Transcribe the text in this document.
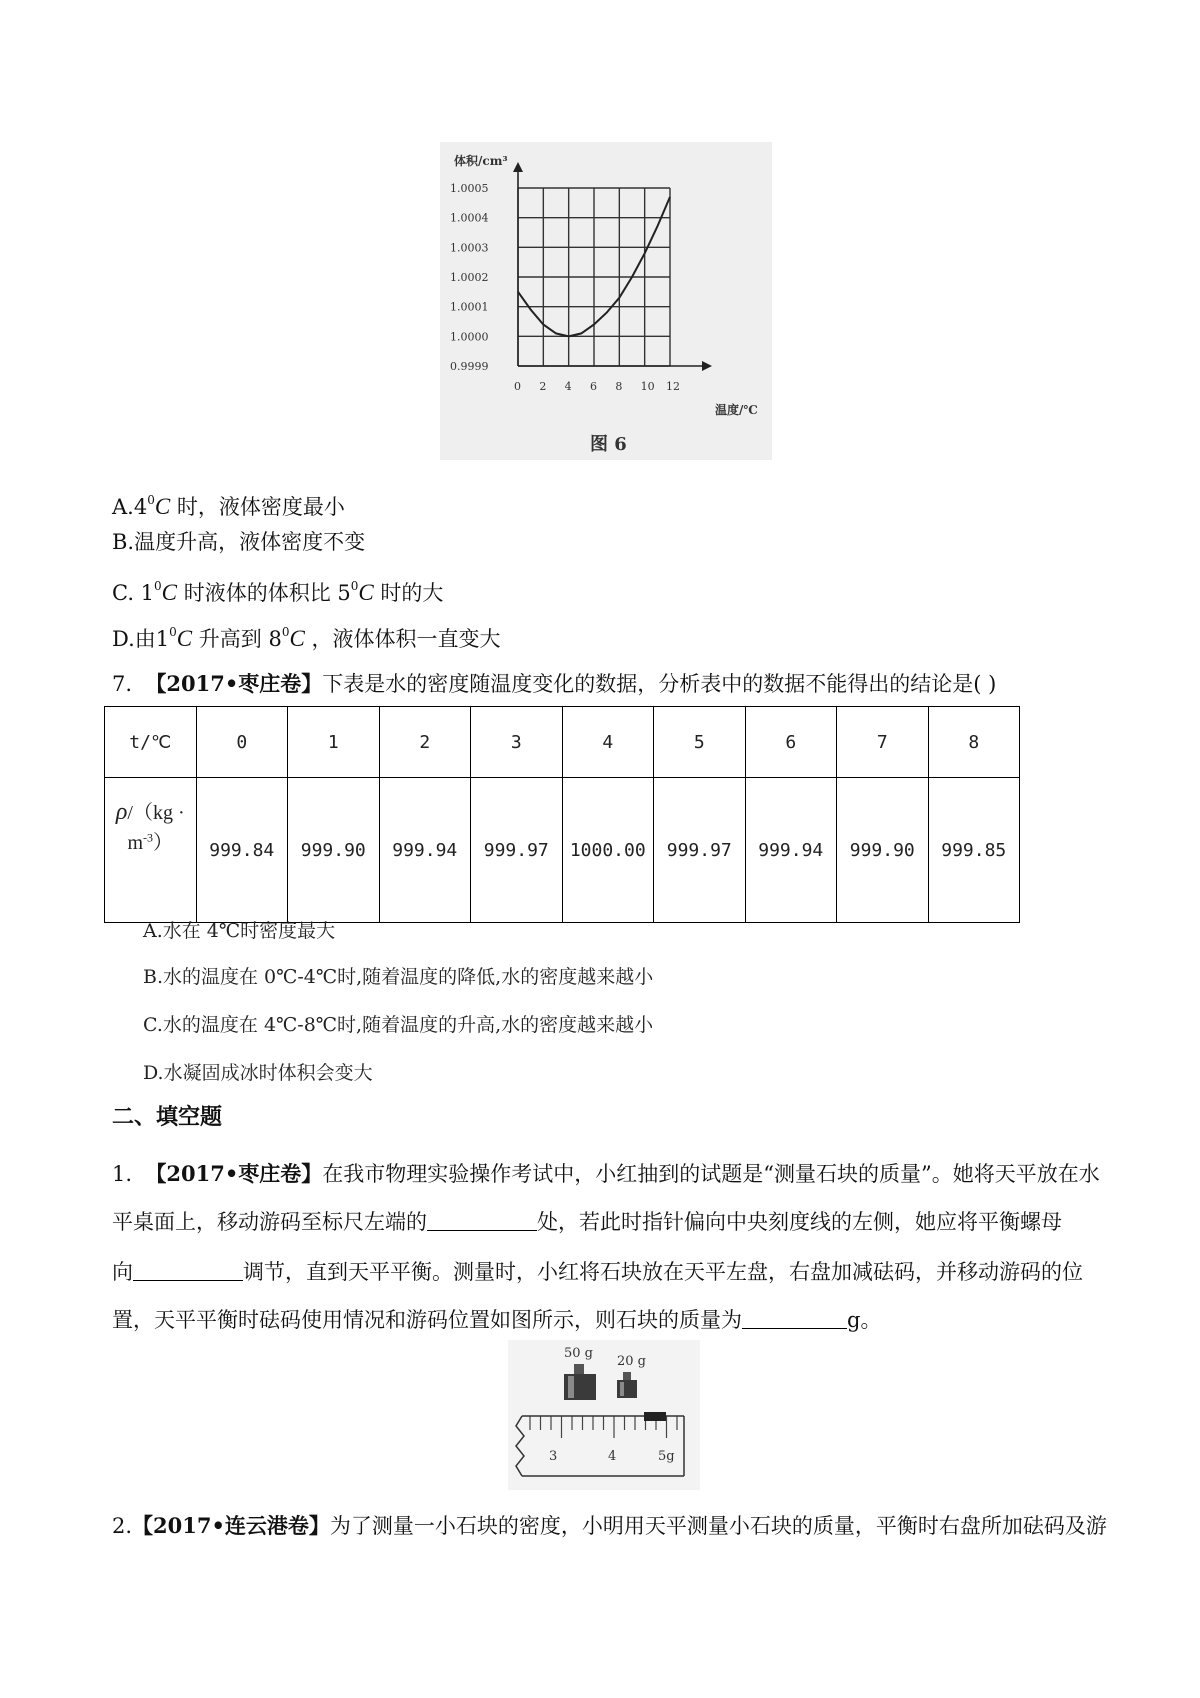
1.0005
1.0004
1.0003
1.0002
1.0001
1.0000
0.9999
0 2 4 6 8 10 12
体积/cm³
温度/℃
图 6
$A.4^0C$ 时，液体密度最小
B.温度升高，液体密度不变
C. $1^0C$ 时液体的体积比 $5^0C$ 时的大
D.由$1^0C$ 升高到 $8^0C$ ，液体体积一直变大
7. 【2017•枣庄卷】下表是水的密度随温度变化的数据，分析表中的数据不能得出的结论是( )
t/℃	0	1	2	3	4	5	6	7	8
$\rho/(kg \cdot m^{-3})$	999.84	999.90	999.94	999.97	1000.00	999.97	999.94	999.90	999.85
A.水在 4℃时密度最大
B.水的温度在 0℃-4℃时,随着温度的降低,水的密度越来越小
C.水的温度在 4℃-8℃时,随着温度的升高,水的密度越来越小
D.水凝固成冰时体积会变大
二、填空题
1. 【2017•枣庄卷】在我市物理实验操作考试中，小红抽到的试题是“测量石块的质量”。她将天平放在水
平桌面上，移动游码至标尺左端的	处，若此时指针偏向中央刻度线的左侧，她应将平衡螺母
向	调节，直到天平平衡。测量时，小红将石块放在天平左盘，右盘加减砝码，并移动游码的位
置，天平平衡时砝码使用情况和游码位置如图所示，则石块的质量为	g。
50 g
20 g
3	4	5g
2.【2017•连云港卷】为了测量一小石块的密度，小明用天平测量小石块的质量，平衡时右盘所加砝码及游
